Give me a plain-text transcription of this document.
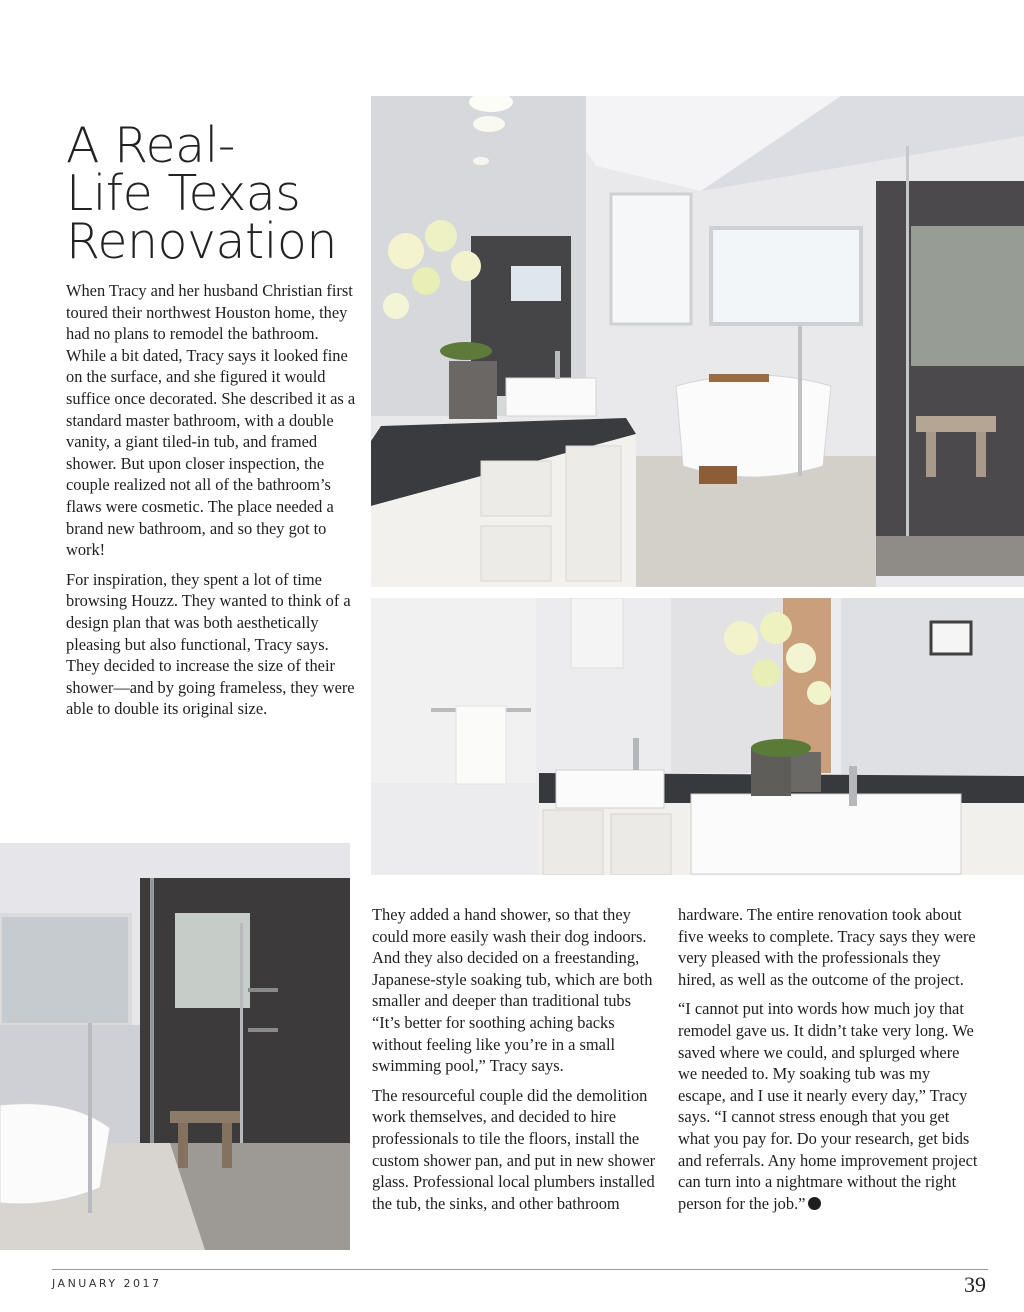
A Real-
Life Texas
Renovation

When Tracy and her husband Christian first toured their northwest Houston home, they had no plans to remodel the bathroom. While a bit dated, Tracy says it looked fine on the surface, and she figured it would suffice once decorated. She described it as a standard master bathroom, with a double vanity, a giant tiled-in tub, and framed shower. But upon closer inspection, the couple realized not all of the bathroom’s flaws were cosmetic. The place needed a brand new bathroom, and so they got to work!

For inspiration, they spent a lot of time browsing Houzz. They wanted to think of a design plan that was both aesthetically pleasing but also functional, Tracy says. They decided to increase the size of their shower—and by going frameless, they were able to double its original size.

They added a hand shower, so that they could more easily wash their dog indoors. And they also decided on a freestanding, Japanese-style soaking tub, which are both smaller and deeper than traditional tubs “It’s better for soothing aching backs without feeling like you’re in a small swimming pool,” Tracy says.

The resourceful couple did the demolition work themselves, and decided to hire professionals to tile the floors, install the custom shower pan, and put in new shower glass. Professional local plumbers installed the tub, the sinks, and other bathroom

hardware. The entire renovation took about five weeks to complete. Tracy says they were very pleased with the professionals they hired, as well as the outcome of the project.

“I cannot put into words how much joy that remodel gave us. It didn’t take very long. We saved where we could, and splurged where we needed to. My soaking tub was my escape, and I use it nearly every day,” Tracy says. “I cannot stress enough that you get what you pay for. Do your research, get bids and referrals. Any home improvement project can turn into a nightmare without the right person for the job.”

JANUARY 2017	39
